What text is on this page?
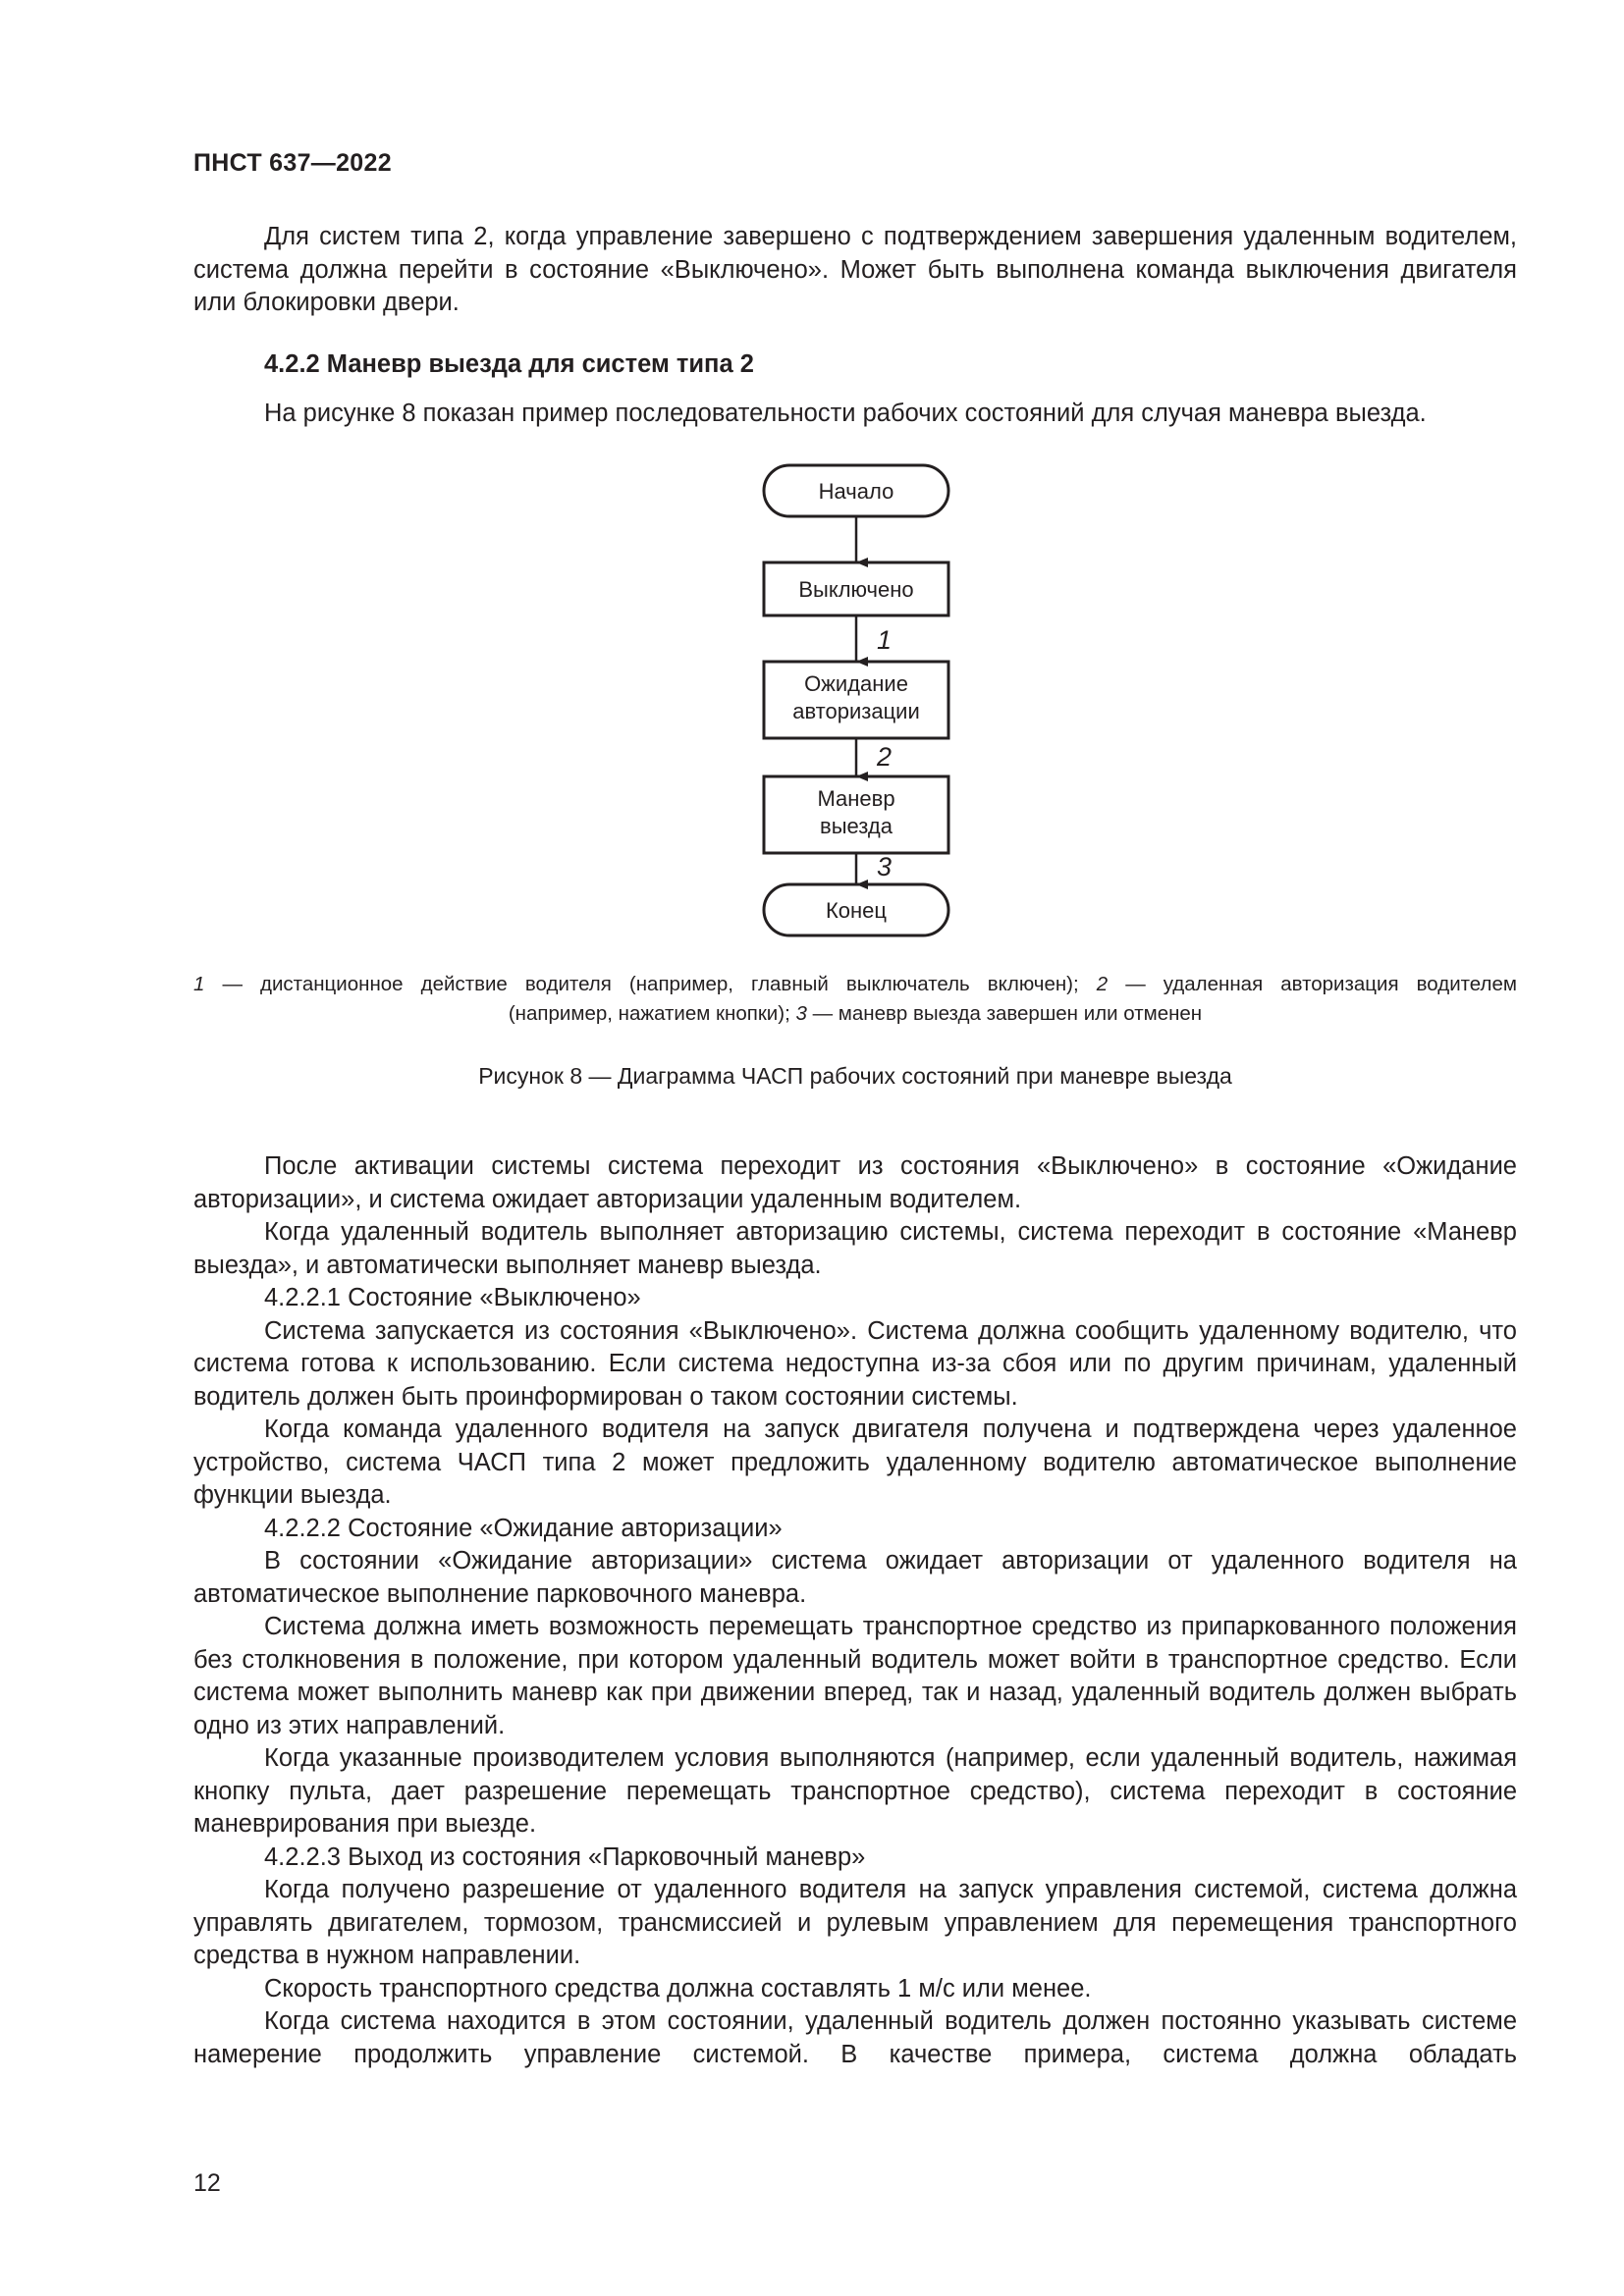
ПНСТ 637—2022

Для систем типа 2, когда управление завершено с подтверждением завершения удаленным водителем, система должна перейти в состояние «Выключено». Может быть выполнена команда выключения двигателя или блокировки двери.

4.2.2 Маневр выезда для систем типа 2

На рисунке 8 показан пример последовательности рабочих состояний для случая маневра выезда.

Начало
Выключено
1
Ожидание
авторизации
2
Маневр
выезда
3
Конец
1 — дистанционное действие водителя (например, главный выключатель включен); 2 — удаленная авторизация водителем
(например, нажатием кнопки); 3 — маневр выезда завершен или отменен
Рисунок 8 — Диаграмма ЧАСП рабочих состояний при маневре выезда

После активации системы система переходит из состояния «Выключено» в состояние «Ожидание авторизации», и система ожидает авторизации удаленным водителем.

Когда удаленный водитель выполняет авторизацию системы, система переходит в состояние «Маневр выезда», и автоматически выполняет маневр выезда.

4.2.2.1 Состояние «Выключено»

Система запускается из состояния «Выключено». Система должна сообщить удаленному водителю, что система готова к использованию. Если система недоступна из-за сбоя или по другим причинам, удаленный водитель должен быть проинформирован о таком состоянии системы.

Когда команда удаленного водителя на запуск двигателя получена и подтверждена через удаленное устройство, система ЧАСП типа 2 может предложить удаленному водителю автоматическое выполнение функции выезда.

4.2.2.2 Состояние «Ожидание авторизации»

В состоянии «Ожидание авторизации» система ожидает авторизации от удаленного водителя на автоматическое выполнение парковочного маневра.

Система должна иметь возможность перемещать транспортное средство из припаркованного положения без столкновения в положение, при котором удаленный водитель может войти в транспортное средство. Если система может выполнить маневр как при движении вперед, так и назад, удаленный водитель должен выбрать одно из этих направлений.

Когда указанные производителем условия выполняются (например, если удаленный водитель, нажимая кнопку пульта, дает разрешение перемещать транспортное средство), система переходит в состояние маневрирования при выезде.

4.2.2.3 Выход из состояния «Парковочный маневр»

Когда получено разрешение от удаленного водителя на запуск управления системой, система должна управлять двигателем, тормозом, трансмиссией и рулевым управлением для перемещения транспортного средства в нужном направлении.

Скорость транспортного средства должна составлять 1 м/с или менее.

Когда система находится в этом состоянии, удаленный водитель должен постоянно указывать системе намерение продолжить управление системой. В качестве примера, система должна обладать

12
